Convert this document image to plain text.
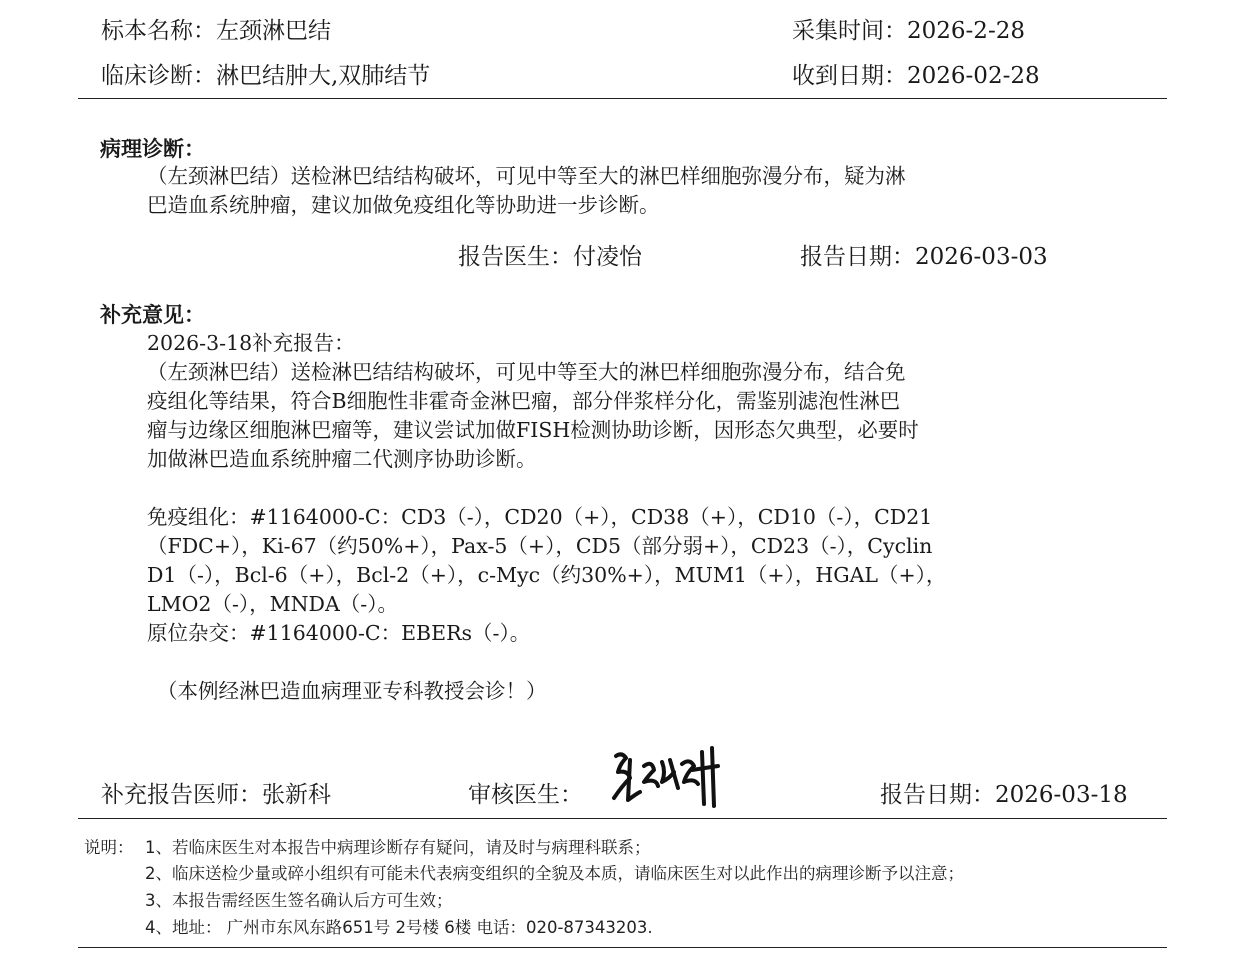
标本名称：左颈淋巴结	采集时间：2026-2-28
临床诊断：淋巴结肿大,双肺结节	收到日期：2026-02-28
病理诊断：
（左颈淋巴结）送检淋巴结结构破坏，可见中等至大的淋巴样细胞弥漫分布，疑为淋
巴造血系统肿瘤，建议加做免疫组化等协助进一步诊断。
报告医生：付凌怡	报告日期：2026-03-03
补充意见：
2026-3-18补充报告：
（左颈淋巴结）送检淋巴结结构破坏，可见中等至大的淋巴样细胞弥漫分布，结合免
疫组化等结果，符合B细胞性非霍奇金淋巴瘤，部分伴浆样分化，需鉴别滤泡性淋巴
瘤与边缘区细胞淋巴瘤等，建议尝试加做FISH检测协助诊断，因形态欠典型，必要时
加做淋巴造血系统肿瘤二代测序协助诊断。
免疫组化：#1164000-C：CD3（-），CD20（+），CD38（+），CD10（-），CD21
（FDC+），Ki-67（约50%+），Pax-5（+），CD5（部分弱+），CD23（-），Cyclin
D1（-），Bcl-6（+），Bcl-2（+），c-Myc（约30%+），MUM1（+），HGAL（+），
LMO2（-），MNDA（-）。
原位杂交：#1164000-C：EBERs（-）。
（本例经淋巴造血病理亚专科教授会诊！）
补充报告医师：张新科	审核医生：	报告日期：2026-03-18
说明： 1、若临床医生对本报告中病理诊断存有疑问，请及时与病理科联系；
2、临床送检少量或碎小组织有可能未代表病变组织的全貌及本质，请临床医生对以此作出的病理诊断予以注意；
3、本报告需经医生签名确认后方可生效；
4、地址： 广州市东风东路651号 2号楼 6楼 电话：020-87343203.
